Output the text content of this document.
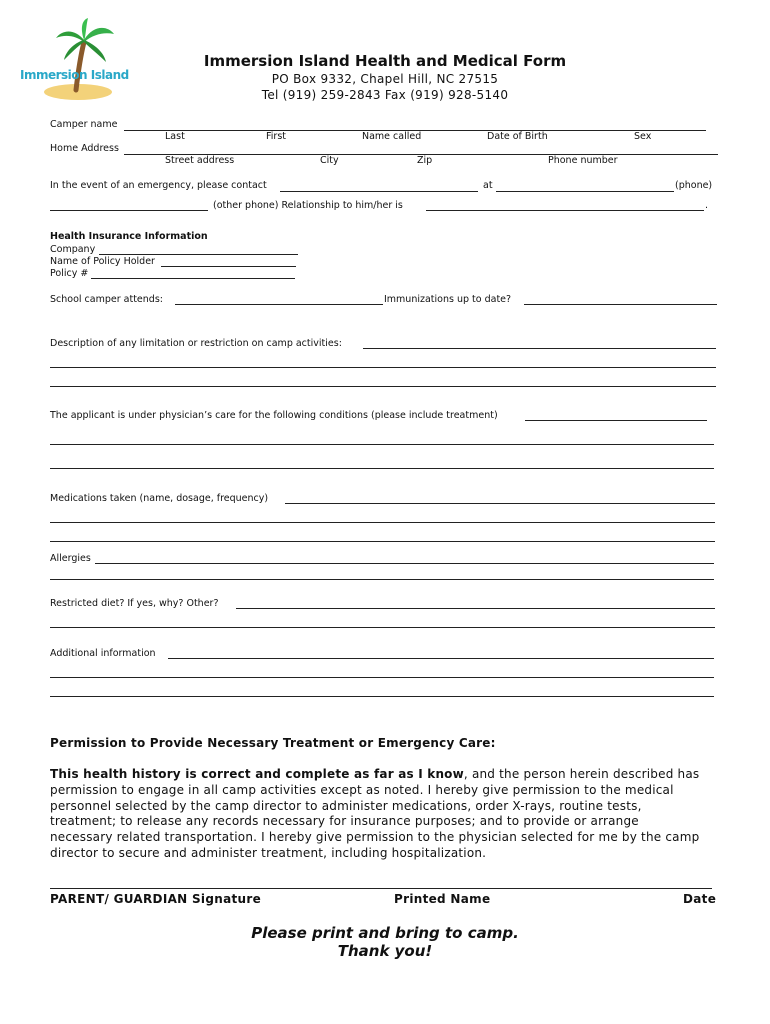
Immersion Island
Immersion Island Health and Medical Form
PO Box 9332, Chapel Hill, NC 27515
Tel (919) 259-2843 Fax (919) 928-5140
Camper name
Last	First	Name called	Date of Birth	Sex
Home Address
Street address	City	Zip	Phone number
In the event of an emergency, please contact	at	(phone)
(other phone) Relationship to him/her is	.
Health Insurance Information
Company
Name of Policy Holder
Policy #
School camper attends:	Immunizations up to date?
Description of any limitation or restriction on camp activities:
The applicant is under physician’s care for the following conditions (please include treatment)
Medications taken (name, dosage, frequency)
Allergies
Restricted diet? If yes, why? Other?
Additional information
Permission to Provide Necessary Treatment or Emergency Care:
This health history is correct and complete as far as I know, and the person herein described has
permission to engage in all camp activities except as noted. I hereby give permission to the medical
personnel selected by the camp director to administer medications, order X-rays, routine tests,
treatment; to release any records necessary for insurance purposes; and to provide or arrange
necessary related transportation. I hereby give permission to the physician selected for me by the camp
director to secure and administer treatment, including hospitalization.
PARENT/ GUARDIAN Signature	Printed Name	Date
Please print and bring to camp.
Thank you!
